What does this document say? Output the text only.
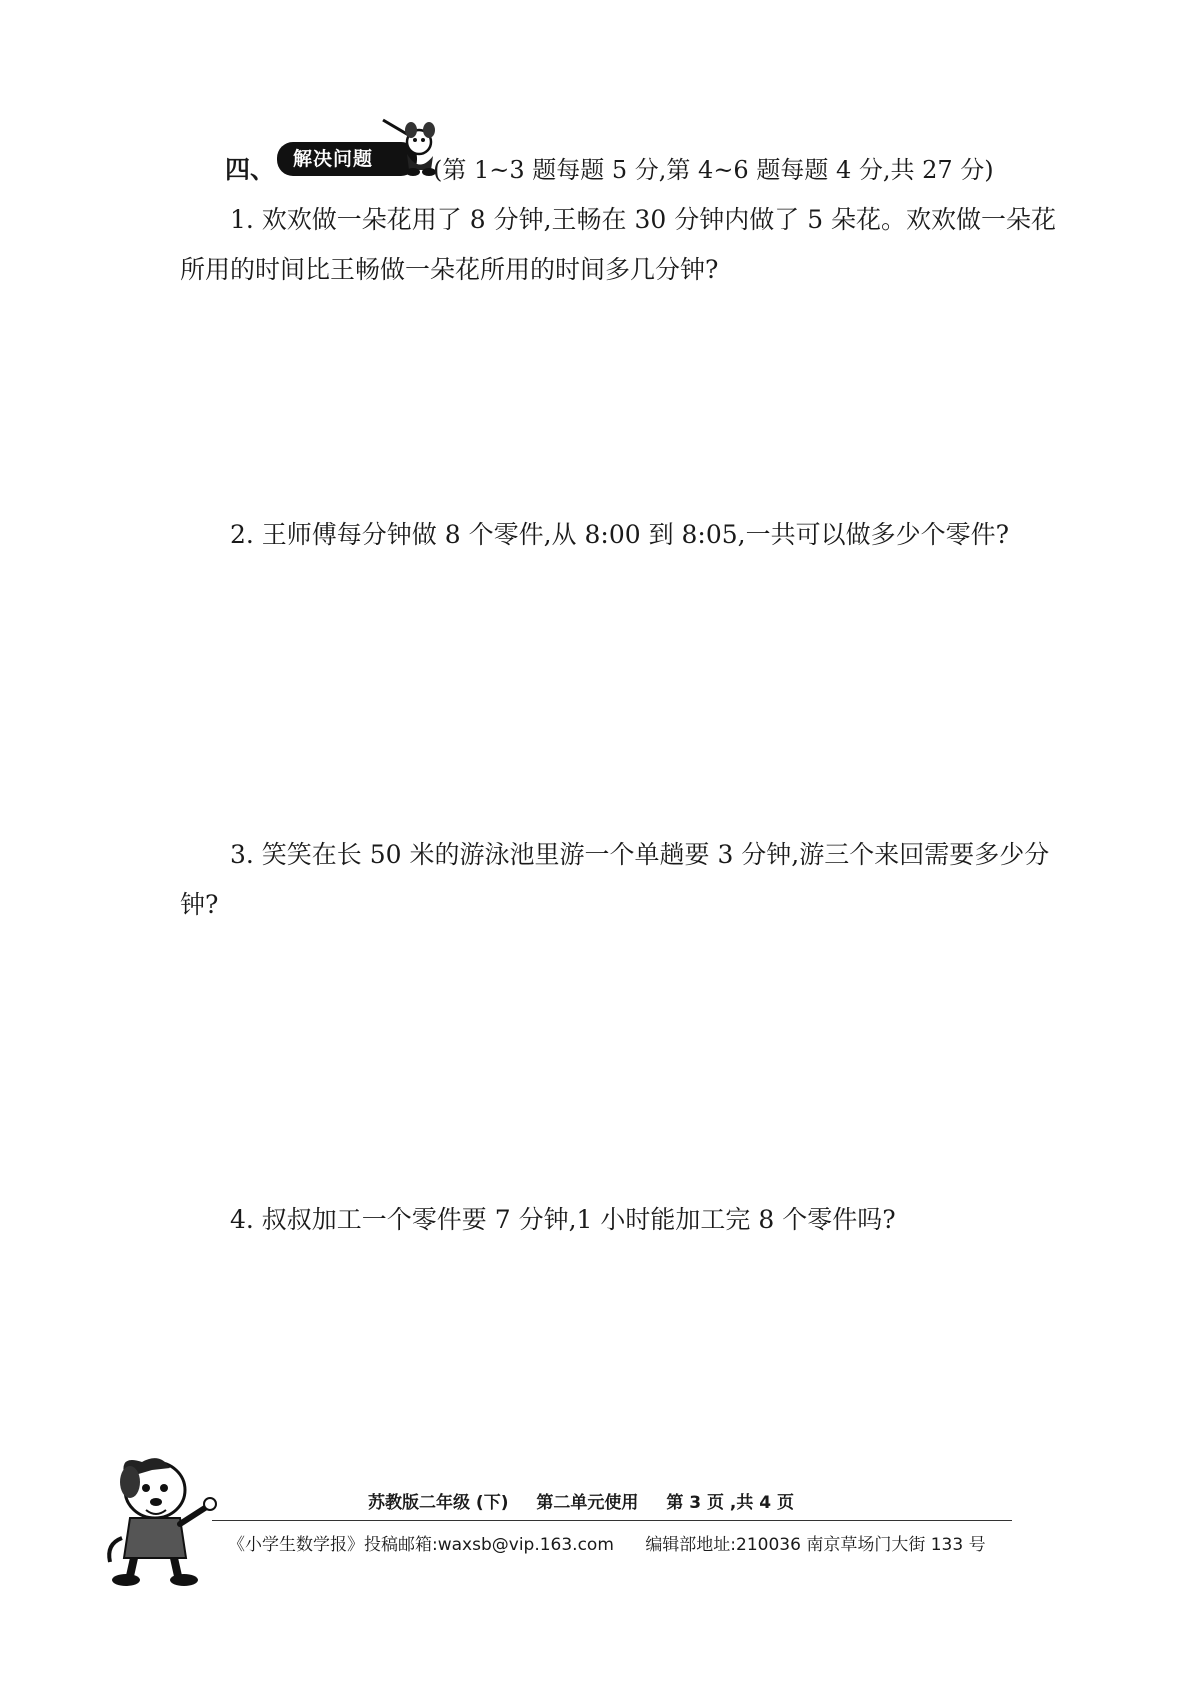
四、 解决问题	(第 1~3 题每题 5 分,第 4~6 题每题 4 分,共 27 分)

1. 欢欢做一朵花用了 8 分钟,王畅在 30 分钟内做了 5 朵花。欢欢做一朵花所用的时间比王畅做一朵花所用的时间多几分钟?

2. 王师傅每分钟做 8 个零件,从 8:00 到 8:05,一共可以做多少个零件?

3. 笑笑在长 50 米的游泳池里游一个单趟要 3 分钟,游三个来回需要多少分钟?

4. 叔叔加工一个零件要 7 分钟,1 小时能加工完 8 个零件吗?

苏教版二年级 (下) 第二单元使用 第 3 页 ,共 4 页
《小学生数学报》投稿邮箱:waxsb@vip.163.com 编辑部地址:210036 南京草场门大街 133 号
